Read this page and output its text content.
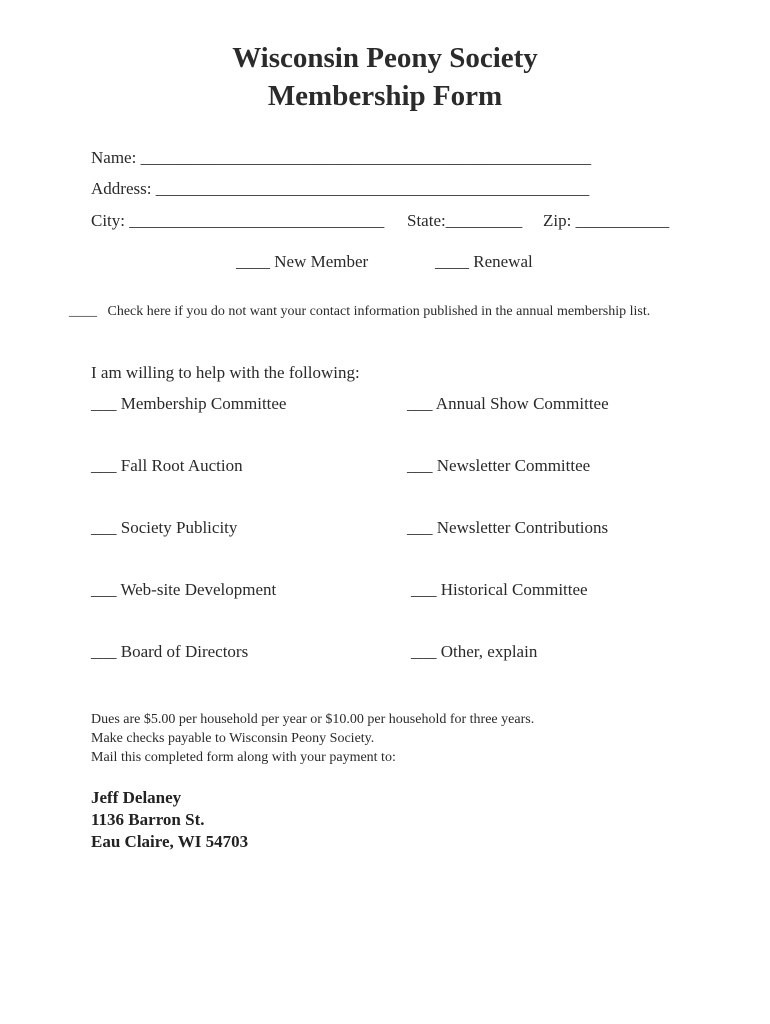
Wisconsin Peony Society
Membership Form
Name: _____________________________________________________
Address: ___________________________________________________
City: ______________________________ State:_________ Zip: ___________
____ New Member	____ Renewal
____   Check here if you do not want your contact information published in the annual membership list.
I am willing to help with the following:
___ Membership Committee
___ Fall Root Auction
___ Society Publicity
___ Web-site Development
___ Board of Directors
___ Annual Show Committee
___ Newsletter Committee
___ Newsletter Contributions
___ Historical Committee
___ Other, explain
Dues are $5.00 per household per year or $10.00 per household for three years.
Make checks payable to Wisconsin Peony Society.
Mail this completed form along with your payment to:
Jeff Delaney
1136 Barron St.
Eau Claire, WI 54703
